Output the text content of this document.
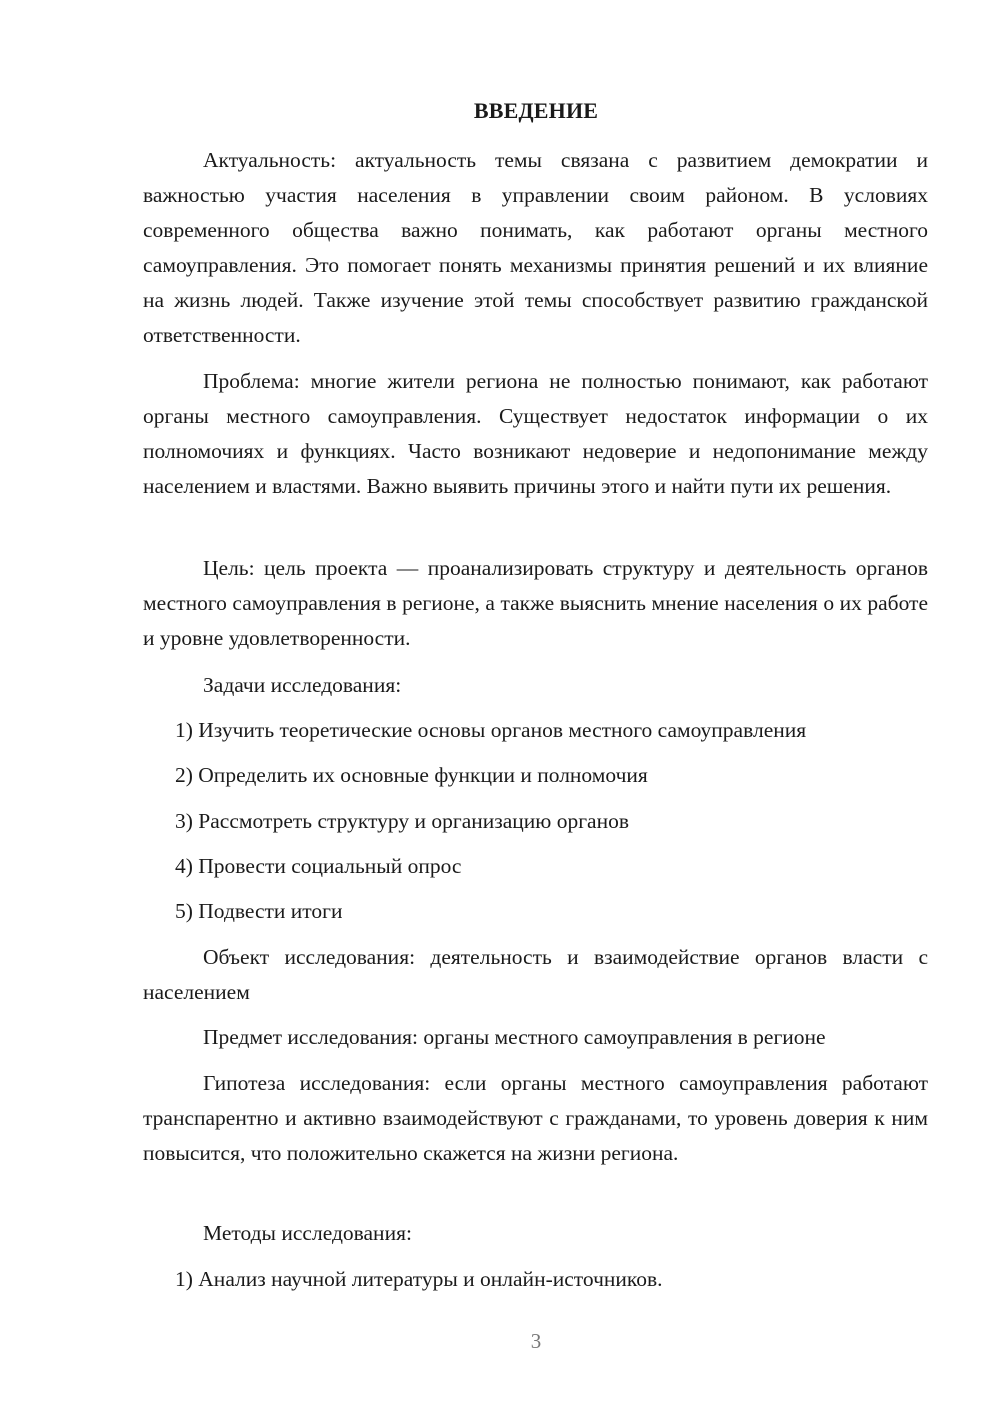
ВВЕДЕНИЕ

Актуальность: актуальность темы связана с развитием демократии и важностью участия населения в управлении своим районом. В условиях современного общества важно понимать, как работают органы местного самоуправления. Это помогает понять механизмы принятия решений и их влияние на жизнь людей. Также изучение этой темы способствует развитию гражданской ответственности.

Проблема: многие жители региона не полностью понимают, как работают органы местного самоуправления. Существует недостаток информации о их полномочиях и функциях. Часто возникают недоверие и недопонимание между населением и властями. Важно выявить причины этого и найти пути их решения.

Цель: цель проекта — проанализировать структуру и деятельность органов местного самоуправления в регионе, а также выяснить мнение населения о их работе и уровне удовлетворенности.

Задачи исследования:
1) Изучить теоретические основы органов местного самоуправления
2) Определить их основные функции и полномочия
3) Рассмотреть структуру и организацию органов
4) Провести социальный опрос
5) Подвести итоги

Объект исследования: деятельность и взаимодействие органов власти с населением

Предмет исследования: органы местного самоуправления в регионе

Гипотеза исследования: если органы местного самоуправления работают транспарентно и активно взаимодействуют с гражданами, то уровень доверия к ним повысится, что положительно скажется на жизни региона.

Методы исследования:
1) Анализ научной литературы и онлайн-источников.
3
